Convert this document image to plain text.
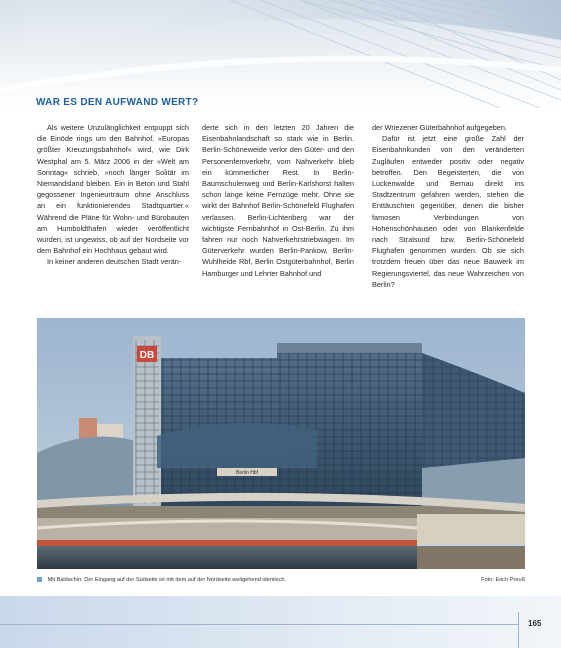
WAR ES DEN AUFWAND WERT?

Als weitere Unzulänglichkeit entpuppt sich die Einöde rings um den Bahnhof. »Europas größter Kreuzungsbahnhof« wird, wie Dirk Westphal am 5. März 2006 in der »Welt am Sonntag« schrieb, »noch länger Solitär im Niemandsland bleiben. Ein in Beton und Stahl gegossener Ingenieurtraum ohne Anschluss an ein funktionierendes Stadtquartier.« Während die Pläne für Wohn- und Bürobauten am Humboldthafen wieder veröffentlicht wurden, ist ungewiss, ob auf der Nordseite vor dem Bahnhof ein Hochhaus gebaut wird.

In keiner anderen deutschen Stadt verän-

derte sich in den letzten 20 Jahren die Eisenbahnlandschaft so stark wie in Berlin. Berlin-Schöneweide verlor den Güter- und den Personenfernverkehr, vom Nahverkehr blieb ein kümmerlicher Rest. In Berlin-Baumschulenweg und Berlin-Karlshorst halten schon lange keine Fernzüge mehr. Ohne sie wirkt der Bahnhof Berlin-Schönefeld Flughafen verlassen. Berlin-Lichtenberg war der wichtigste Fernbahnhof in Ost-Berlin. Zu ihm fahren nur noch Nahverkehrstriebwagen. Im Güterverkehr wurden Berlin-Pankow, Berlin-Wuhlheide Rbf, Berlin Ostgüterbahnhof, Berlin Hamburger und Lehrter Bahnhof und

der Wriezener Güterbahnhof aufgegeben.

Dafür ist jetzt eine große Zahl der Eisenbahnkunden von den veränderten Zugläufen entweder positiv oder negativ betroffen. Den Begeisterten, die von Luckenwalde und Bernau direkt ins Stadtzentrum gefahren werden, stehen die Enttäuschten gegenüber, denen die bisher famosen Verbindungen von Hohenschönhausen oder von Blankenfelde nach Stralsund bzw. Berlin-Schönefeld Flughafen genommen wurden. Ob sie sich trotzdem freuen über das neue Bauwerk im Regierungsviertel, das neue Wahrzeichen von Berlin?

DB
Berlin Hbf
Mit Baldachin: Der Eingang auf der Südseite ist mit dem auf der Nordseite weitgehend identisch.	Foto: Erich Preuß
165
